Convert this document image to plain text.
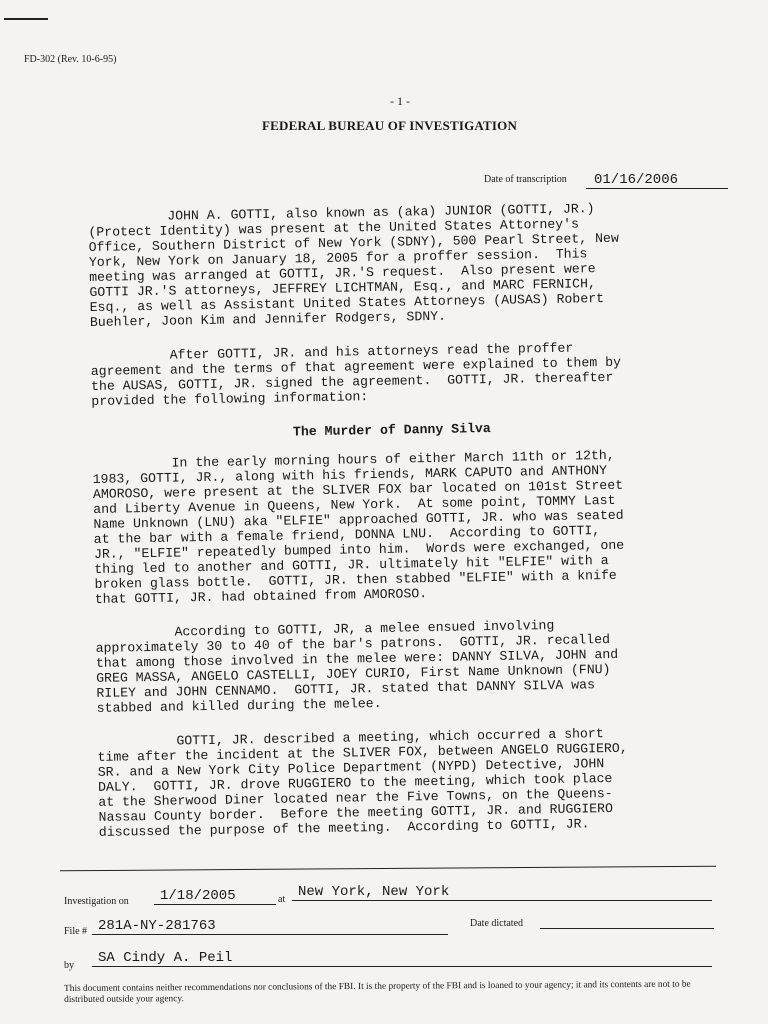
FD-302 (Rev. 10-6-95)
- 1 -
FEDERAL BUREAU OF INVESTIGATION
Date of transcription	01/16/2006

JOHN A. GOTTI, also known as (aka) JUNIOR (GOTTI, JR.)
(Protect Identity) was present at the United States Attorney's
Office, Southern District of New York (SDNY), 500 Pearl Street, New
York, New York on January 18, 2005 for a proffer session.  This
meeting was arranged at GOTTI, JR.'S request.  Also present were
GOTTI JR.'S attorneys, JEFFREY LICHTMAN, Esq., and MARC FERNICH,
Esq., as well as Assistant United States Attorneys (AUSAS) Robert
Buehler, Joon Kim and Jennifer Rodgers, SDNY.

After GOTTI, JR. and his attorneys read the proffer
agreement and the terms of that agreement were explained to them by
the AUSAS, GOTTI, JR. signed the agreement.  GOTTI, JR. thereafter
provided the following information:

The Murder of Danny Silva

In the early morning hours of either March 11th or 12th,
1983, GOTTI, JR., along with his friends, MARK CAPUTO and ANTHONY
AMOROSO, were present at the SLIVER FOX bar located on 101st Street
and Liberty Avenue in Queens, New York.  At some point, TOMMY Last
Name Unknown (LNU) aka "ELFIE" approached GOTTI, JR. who was seated
at the bar with a female friend, DONNA LNU.  According to GOTTI,
JR., "ELFIE" repeatedly bumped into him.  Words were exchanged, one
thing led to another and GOTTI, JR. ultimately hit "ELFIE" with a
broken glass bottle.  GOTTI, JR. then stabbed "ELFIE" with a knife
that GOTTI, JR. had obtained from AMOROSO.

According to GOTTI, JR, a melee ensued involving
approximately 30 to 40 of the bar's patrons.  GOTTI, JR. recalled
that among those involved in the melee were: DANNY SILVA, JOHN and
GREG MASSA, ANGELO CASTELLI, JOEY CURIO, First Name Unknown (FNU)
RILEY and JOHN CENNAMO.  GOTTI, JR. stated that DANNY SILVA was
stabbed and killed during the melee.

GOTTI, JR. described a meeting, which occurred a short
time after the incident at the SLIVER FOX, between ANGELO RUGGIERO,
SR. and a New York City Police Department (NYPD) Detective, JOHN
DALY.  GOTTI, JR. drove RUGGIERO to the meeting, which took place
at the Sherwood Diner located near the Five Towns, on the Queens-
Nassau County border.  Before the meeting GOTTI, JR. and RUGGIERO
discussed the purpose of the meeting.  According to GOTTI, JR.

Investigation on	1/18/2005	at New York, New York
File # 281A-NY-281763	Date dictated
by	SA Cindy A. Peil
This document contains neither recommendations nor conclusions of the FBI. It is the property of the FBI and is loaned to your agency; it and its contents are not to be distributed outside your agency.
